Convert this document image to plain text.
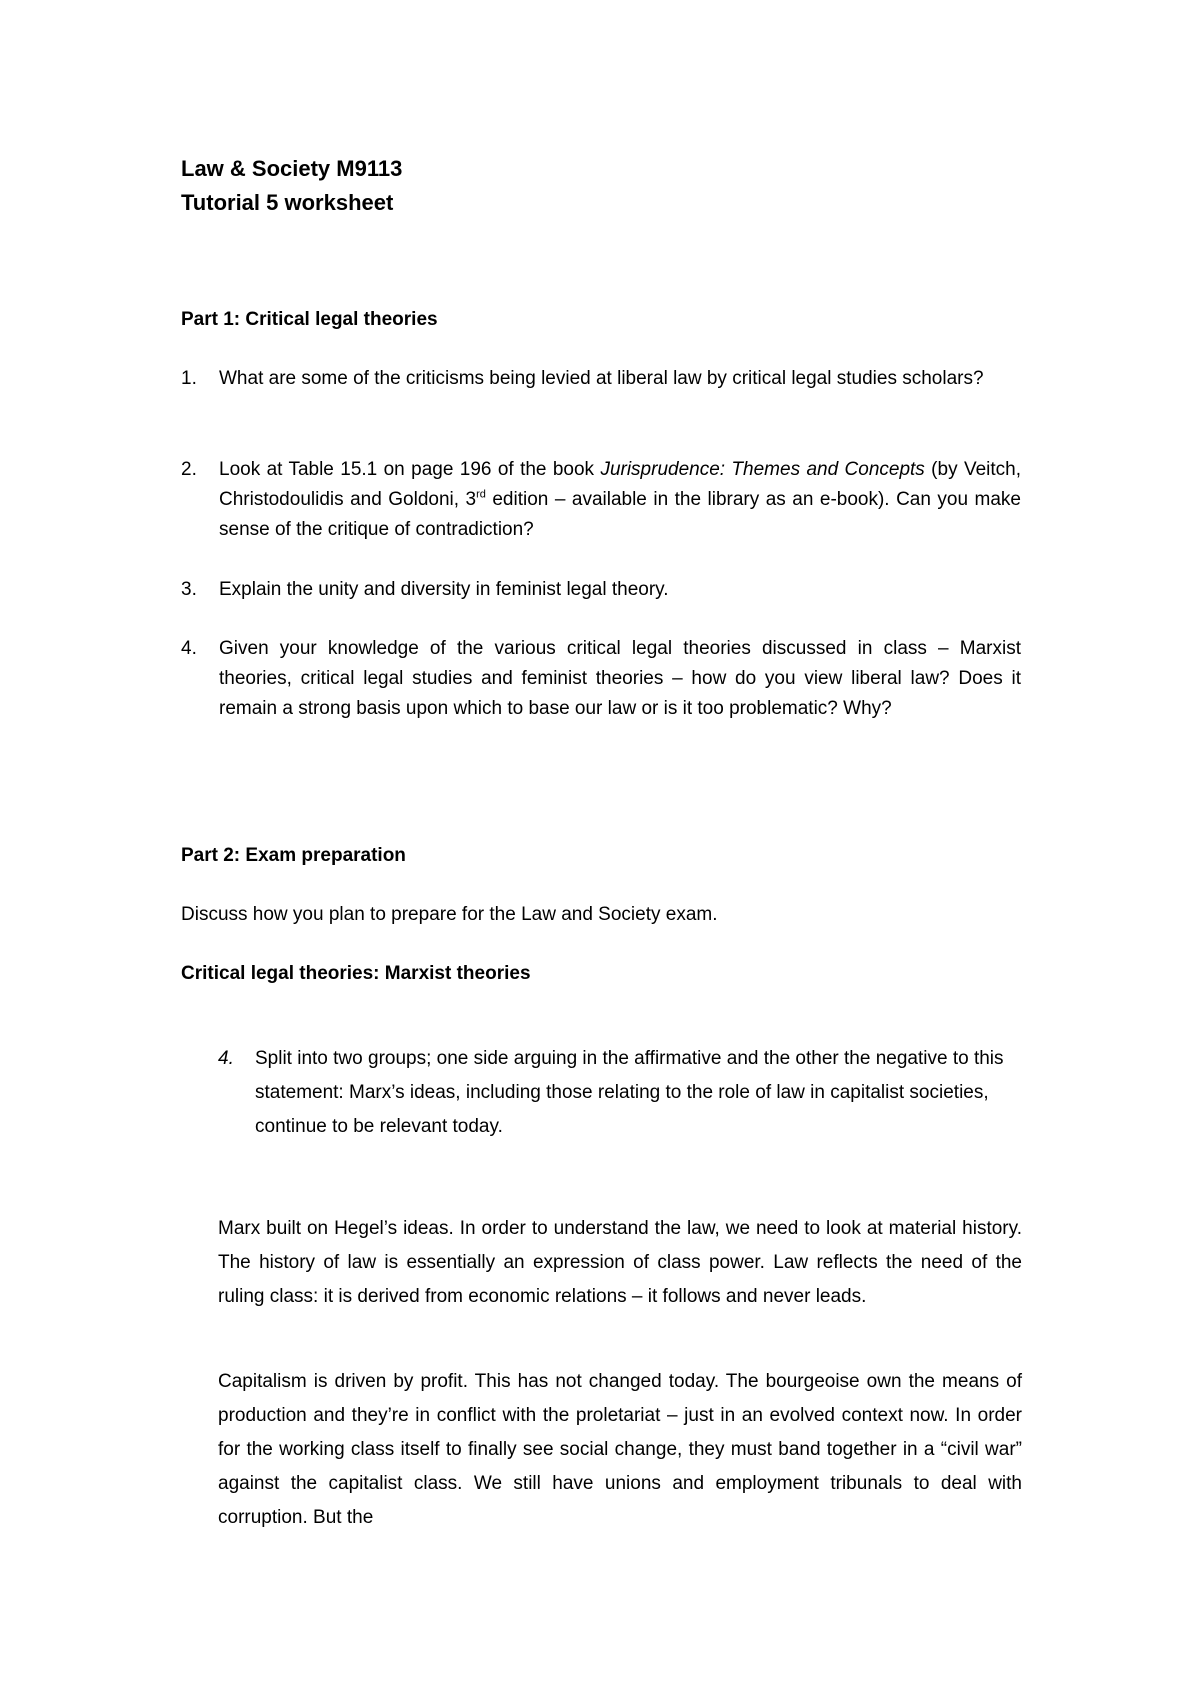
Law & Society M9113
Tutorial 5 worksheet

Part 1: Critical legal theories

1.	What are some of the criticisms being levied at liberal law by critical legal studies scholars?
2.	Look at Table 15.1 on page 196 of the book Jurisprudence: Themes and Concepts (by Veitch, Christodoulidis and Goldoni, 3rd edition – available in the library as an e-book). Can you make sense of the critique of contradiction?
3.	Explain the unity and diversity in feminist legal theory.
4.	Given your knowledge of the various critical legal theories discussed in class – Marxist theories, critical legal studies and feminist theories – how do you view liberal law? Does it remain a strong basis upon which to base our law or is it too problematic? Why?

Part 2: Exam preparation

Discuss how you plan to prepare for the Law and Society exam.

Critical legal theories: Marxist theories

4.	Split into two groups; one side arguing in the affirmative and the other the negative to this statement: Marx’s ideas, including those relating to the role of law in capitalist societies, continue to be relevant today.

Marx built on Hegel’s ideas. In order to understand the law, we need to look at material history. The history of law is essentially an expression of class power. Law reflects the need of the ruling class: it is derived from economic relations – it follows and never leads.

Capitalism is driven by profit. This has not changed today. The bourgeoise own the means of production and they’re in conflict with the proletariat – just in an evolved context now. In order for the working class itself to finally see social change, they must band together in a “civil war” against the capitalist class. We still have unions and employment tribunals to deal with corruption. But the
